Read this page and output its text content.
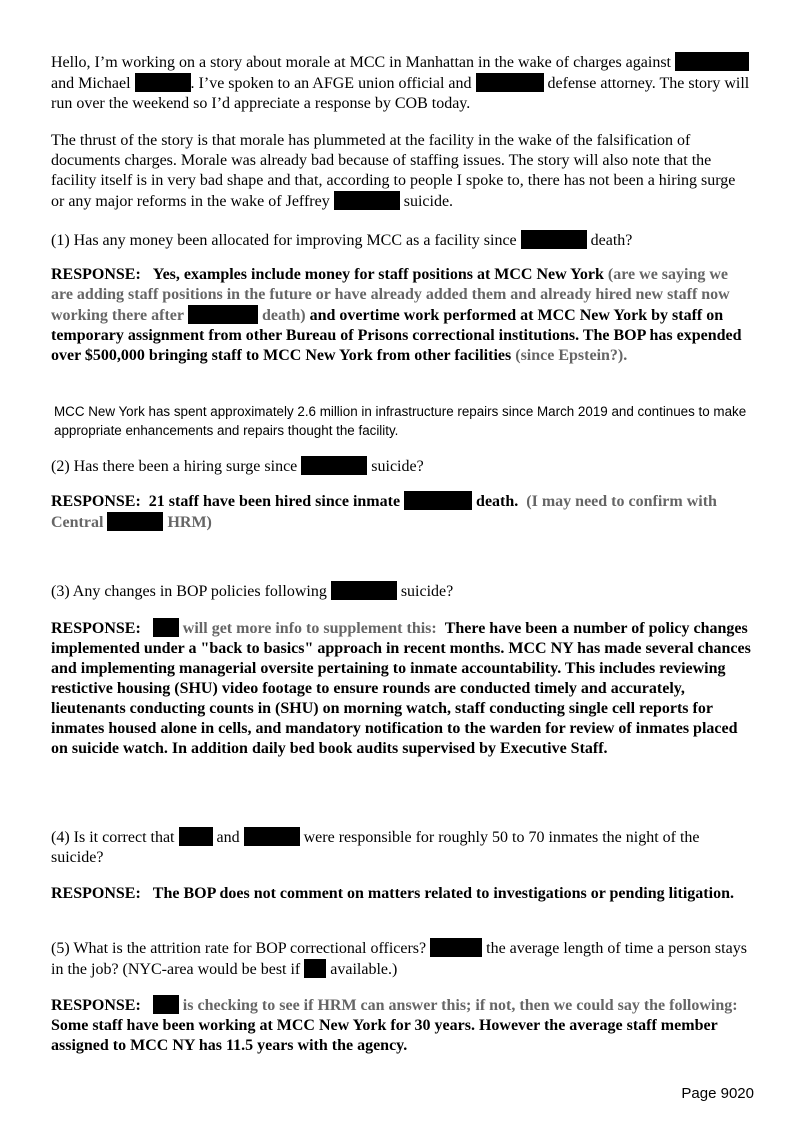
Hello, I’m working on a story about morale at MCC in Manhattan in the wake of charges against  and Michael	. I’ve spoken to an AFGE union official and	defense attorney. The story will run over the weekend so I’d appreciate a response by COB today.

The thrust of the story is that morale has plummeted at the facility in the wake of the falsification of documents charges. Morale was already bad because of staffing issues. The story will also note that the facility itself is in very bad shape and that, according to people I spoke to, there has not been a hiring surge or any major reforms in the wake of Jeffrey	suicide.

(1) Has any money been allocated for improving MCC as a facility since	death?

RESPONSE: Yes, examples include money for staff positions at MCC New York (are we saying we are adding staff positions in the future or have already added them and already hired new staff now working there after	death) and overtime work performed at MCC New York by staff on temporary assignment from other Bureau of Prisons correctional institutions. The BOP has expended over $500,000 bringing staff to MCC New York from other facilities (since Epstein?).

MCC New York has spent approximately 2.6 million in infrastructure repairs since March 2019 and continues to make appropriate enhancements and repairs thought the facility.

(2) Has there been a hiring surge since	suicide?

RESPONSE: 21 staff have been hired since inmate	death. (I may need to confirm with Central	HRM)

(3) Any changes in BOP policies following	suicide?

RESPONSE:	will get more info to supplement this: There have been a number of policy changes implemented under a "back to basics" approach in recent months. MCC NY has made several chances and implementing managerial oversite pertaining to inmate accountability. This includes reviewing restictive housing (SHU) video footage to ensure rounds are conducted timely and accurately, lieutenants conducting counts in (SHU) on morning watch, staff conducting single cell reports for inmates housed alone in cells, and mandatory notification to the warden for review of inmates placed on suicide watch. In addition daily bed book audits supervised by Executive Staff.

(4) Is it correct that	and	were responsible for roughly 50 to 70 inmates the night of the suicide?

RESPONSE: The BOP does not comment on matters related to investigations or pending litigation.

(5) What is the attrition rate for BOP correctional officers?	the average length of time a person stays in the job? (NYC-area would be best if available.)

RESPONSE:	is checking to see if HRM can answer this; if not, then we could say the following:  Some staff have been working at MCC New York for 30 years. However the average staff member assigned to MCC NY has 11.5 years with the agency.

Page 9020
